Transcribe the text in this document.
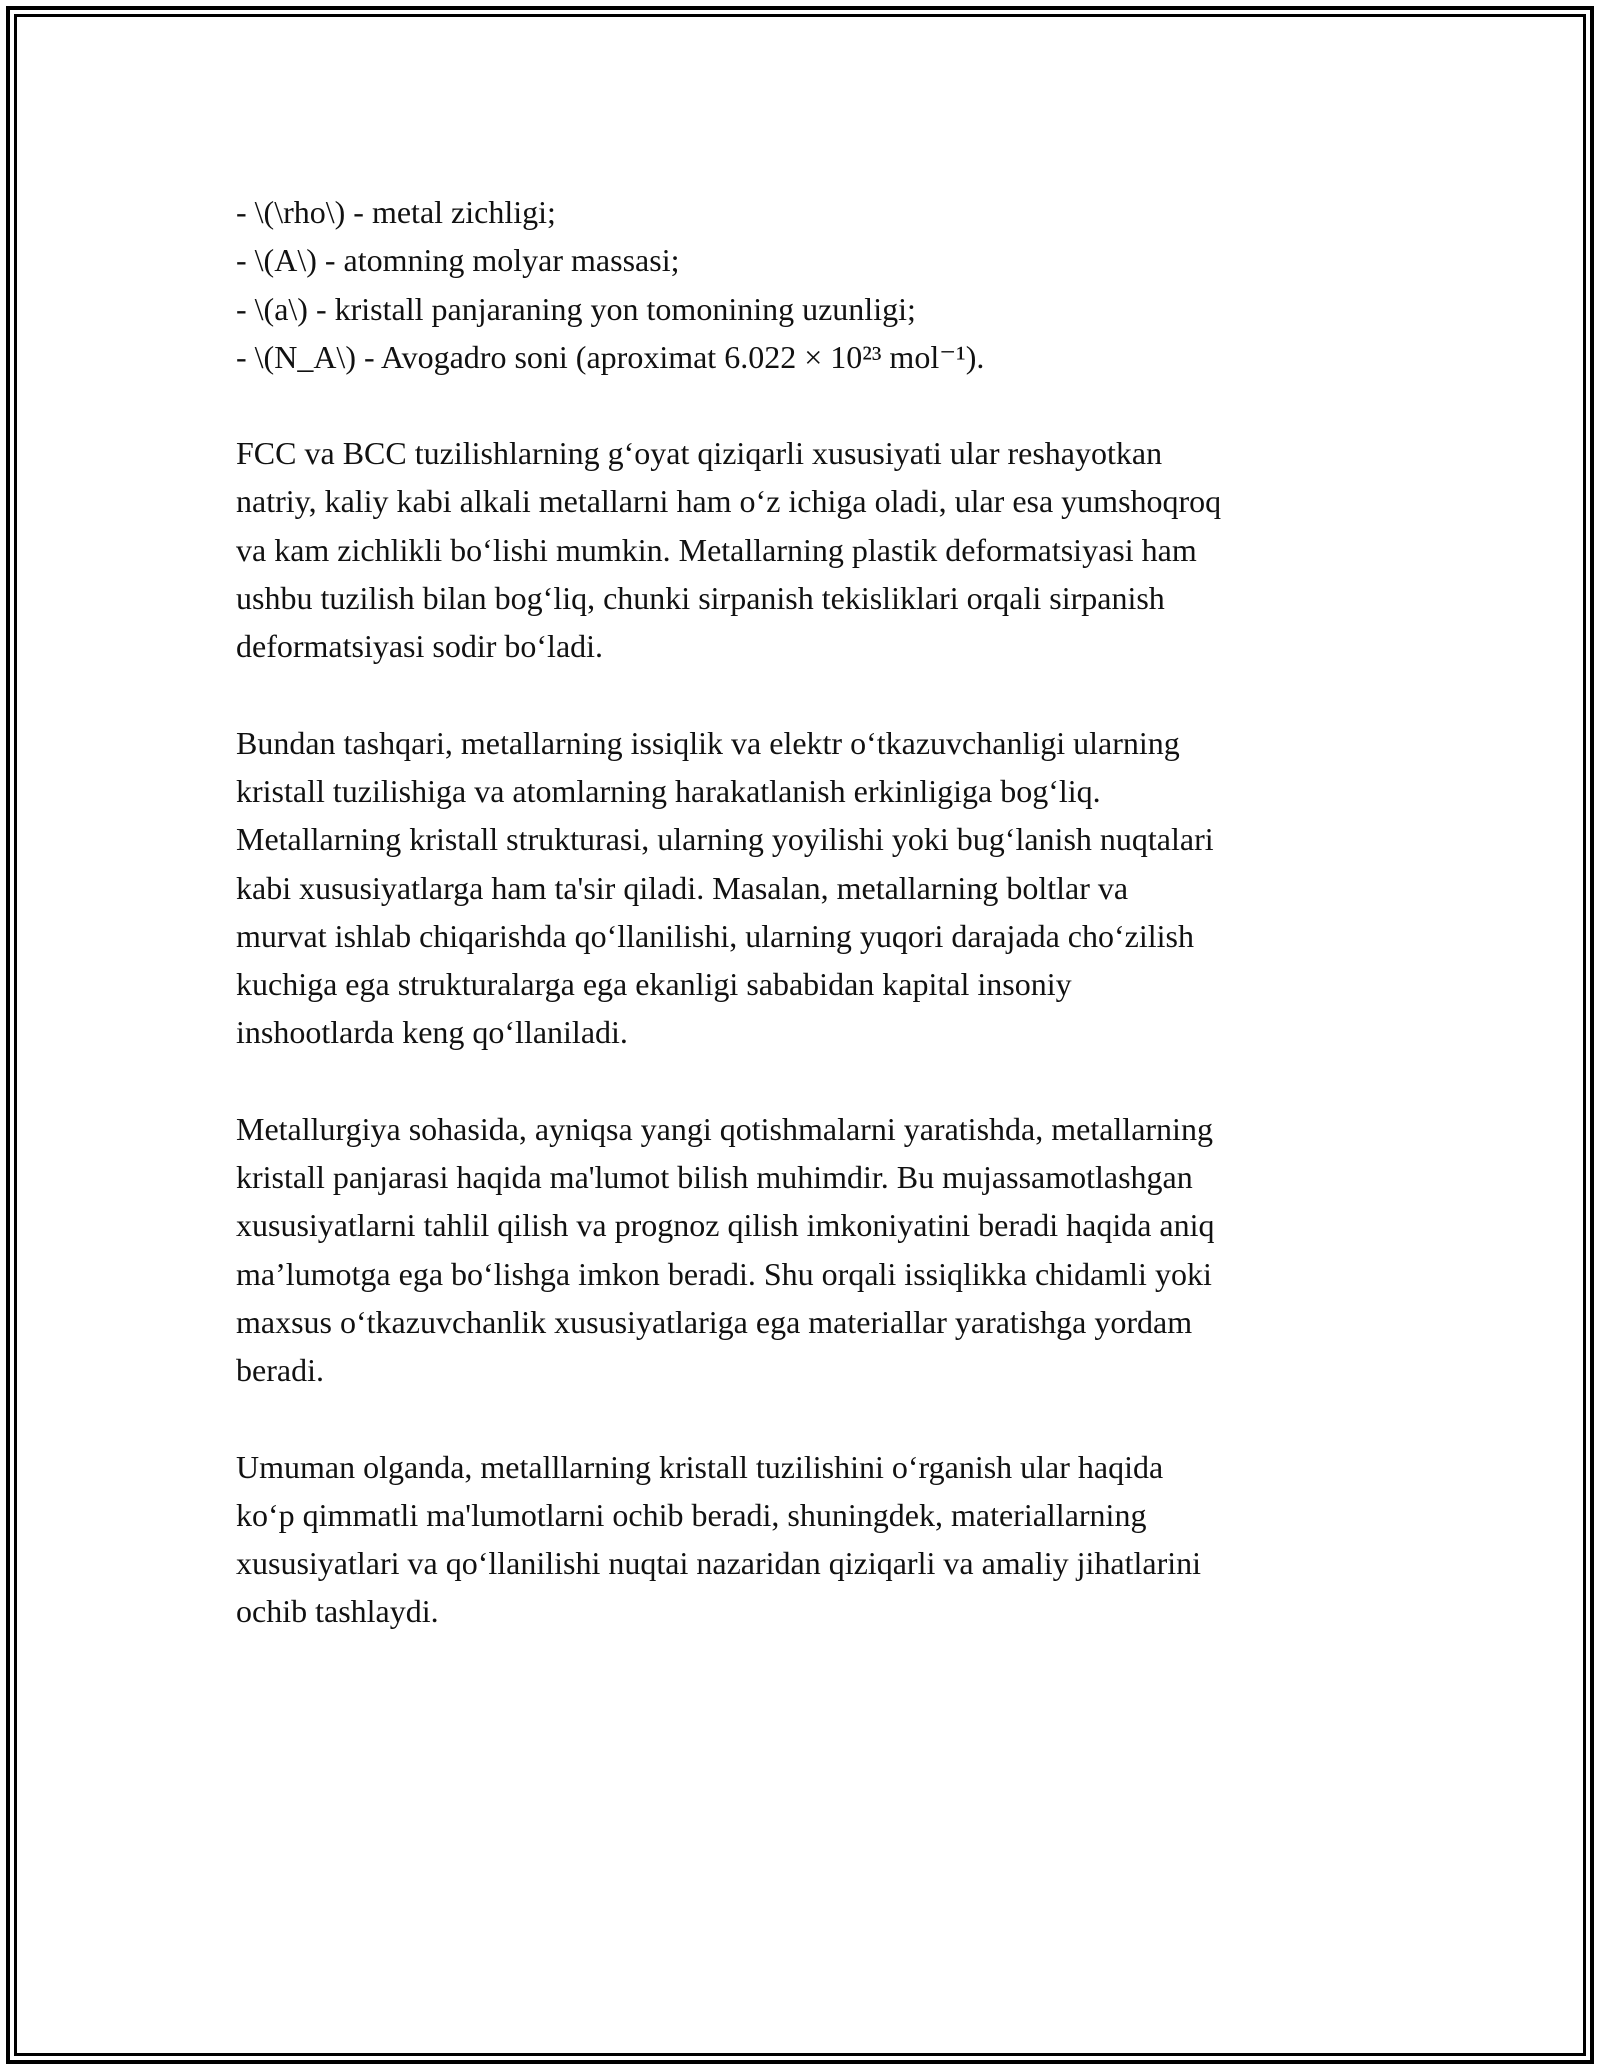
- \(\rho\) - metal zichligi;
- \(A\) - atomning molyar massasi;
- \(a\) - kristall panjaraning yon tomonining uzunligi;
- \(N_A\) - Avogadro soni (aproximat 6.022 × 10²³ mol⁻¹).

FCC va BCC tuzilishlarning g‘oyat qiziqarli xususiyati ular reshayotkan
natriy, kaliy kabi alkali metallarni ham o‘z ichiga oladi, ular esa yumshoqroq
va kam zichlikli bo‘lishi mumkin. Metallarning plastik deformatsiyasi ham
ushbu tuzilish bilan bog‘liq, chunki sirpanish tekisliklari orqali sirpanish
deformatsiyasi sodir bo‘ladi.

Bundan tashqari, metallarning issiqlik va elektr o‘tkazuvchanligi ularning
kristall tuzilishiga va atomlarning harakatlanish erkinligiga bog‘liq.
Metallarning kristall strukturasi, ularning yoyilishi yoki bug‘lanish nuqtalari
kabi xususiyatlarga ham ta'sir qiladi. Masalan, metallarning boltlar va
murvat ishlab chiqarishda qo‘llanilishi, ularning yuqori darajada cho‘zilish
kuchiga ega strukturalarga ega ekanligi sababidan kapital insoniy
inshootlarda keng qo‘llaniladi.

Metallurgiya sohasida, ayniqsa yangi qotishmalarni yaratishda, metallarning
kristall panjarasi haqida ma'lumot bilish muhimdir. Bu mujassamotlashgan
xususiyatlarni tahlil qilish va prognoz qilish imkoniyatini beradi haqida aniq
ma’lumotga ega bo‘lishga imkon beradi. Shu orqali issiqlikka chidamli yoki
maxsus o‘tkazuvchanlik xususiyatlariga ega materiallar yaratishga yordam
beradi.

Umuman olganda, metalllarning kristall tuzilishini o‘rganish ular haqida
ko‘p qimmatli ma'lumotlarni ochib beradi, shuningdek, materiallarning
xususiyatlari va qo‘llanilishi nuqtai nazaridan qiziqarli va amaliy jihatlarini
ochib tashlaydi.
